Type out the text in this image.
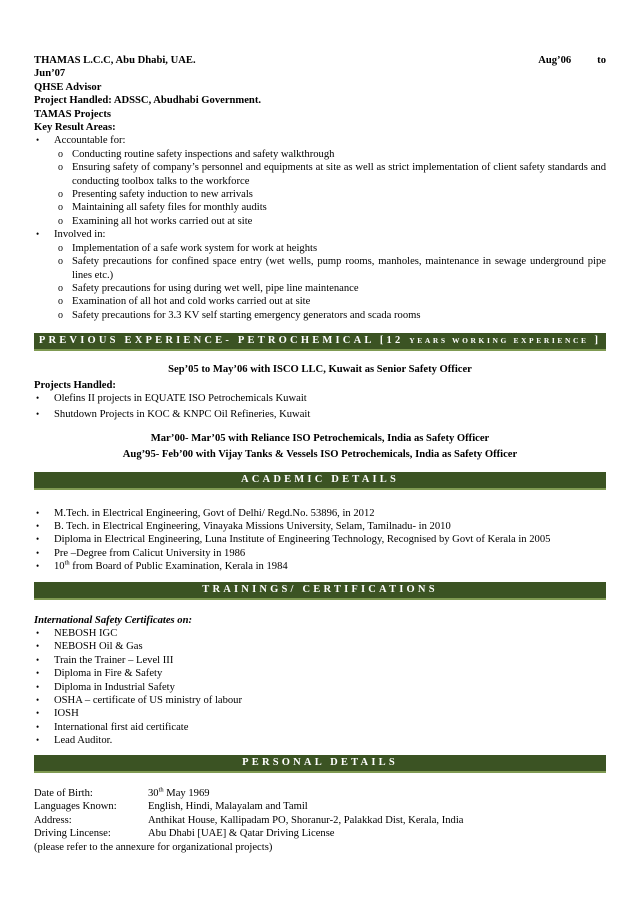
THAMAS L.C.C, Abu Dhabi, UAE.	Aug’06 to
Jun’07
QHSE Advisor
Project Handled: ADSSC, Abudhabi Government.
TAMAS Projects
Key Result Areas:
• Accountable for:
o Conducting routine safety inspections and safety walkthrough
o Ensuring safety of company’s personnel and equipments at site as well as strict implementation of client safety standards and conducting toolbox talks to the workforce
o Presenting safety induction to new arrivals
o Maintaining all safety files for monthly audits
o Examining all hot works carried out at site
• Involved in:
o Implementation of a safe work system for work at heights
o Safety precautions for confined space entry (wet wells, pump rooms, manholes, maintenance in sewage underground pipe lines etc.)
o Safety precautions for using during wet well, pipe line maintenance
o Examination of all hot and cold works carried out at site
o Safety precautions for 3.3 KV self starting emergency generators and scada rooms
PREVIOUS EXPERIENCE- PETROCHEMICAL [12 YEARS WORKING EXPERIENCE ]
Sep’05 to May’06 with ISCO LLC, Kuwait as Senior Safety Officer
Projects Handled:
• Olefins II projects in EQUATE ISO Petrochemicals Kuwait
• Shutdown Projects in KOC & KNPC Oil Refineries, Kuwait
Mar’00- Mar’05 with Reliance ISO Petrochemicals, India as Safety Officer
Aug’95- Feb’00 with Vijay Tanks & Vessels ISO Petrochemicals, India as Safety Officer
ACADEMIC DETAILS
• M.Tech. in Electrical Engineering, Govt of Delhi/ Regd.No. 53896, in 2012
• B. Tech. in Electrical Engineering, Vinayaka Missions University, Selam, Tamilnadu- in 2010
• Diploma in Electrical Engineering, Luna Institute of Engineering Technology, Recognised by Govt of Kerala in 2005
• Pre –Degree from Calicut University in 1986
• 10th from Board of Public Examination, Kerala in 1984
TRAININGS/ CERTIFICATIONS
International Safety Certificates on:
• NEBOSH IGC
• NEBOSH Oil & Gas
• Train the Trainer – Level III
• Diploma in Fire & Safety
• Diploma in Industrial Safety
• OSHA – certificate of US ministry of labour
• IOSH
• International first aid certificate
• Lead Auditor.
PERSONAL DETAILS
Date of Birth:	30th May 1969
Languages Known:	English, Hindi, Malayalam and Tamil
Address:	Anthikat House, Kallipadam PO, Shoranur-2, Palakkad Dist, Kerala, India
Driving Lincense:	Abu Dhabi [UAE] & Qatar Driving License
(please refer to the annexure for organizational projects)
